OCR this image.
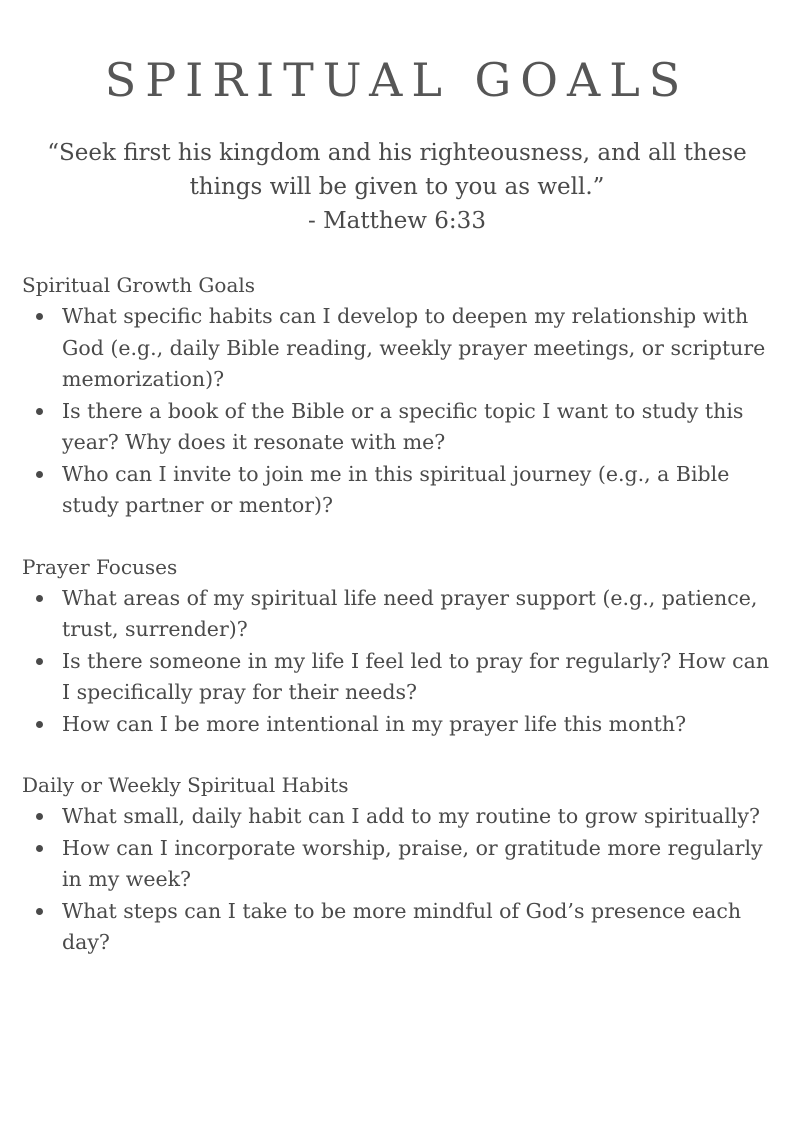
SPIRITUAL GOALS
“Seek first his kingdom and his righteousness, and all these things will be given to you as well.”
- Matthew 6:33
Spiritual Growth Goals
What specific habits can I develop to deepen my relationship with God (e.g., daily Bible reading, weekly prayer meetings, or scripture memorization)?
Is there a book of the Bible or a specific topic I want to study this year? Why does it resonate with me?
Who can I invite to join me in this spiritual journey (e.g., a Bible study partner or mentor)?
Prayer Focuses
What areas of my spiritual life need prayer support (e.g., patience, trust, surrender)?
Is there someone in my life I feel led to pray for regularly? How can I specifically pray for their needs?
How can I be more intentional in my prayer life this month?
Daily or Weekly Spiritual Habits
What small, daily habit can I add to my routine to grow spiritually?
How can I incorporate worship, praise, or gratitude more regularly in my week?
What steps can I take to be more mindful of God’s presence each day?
